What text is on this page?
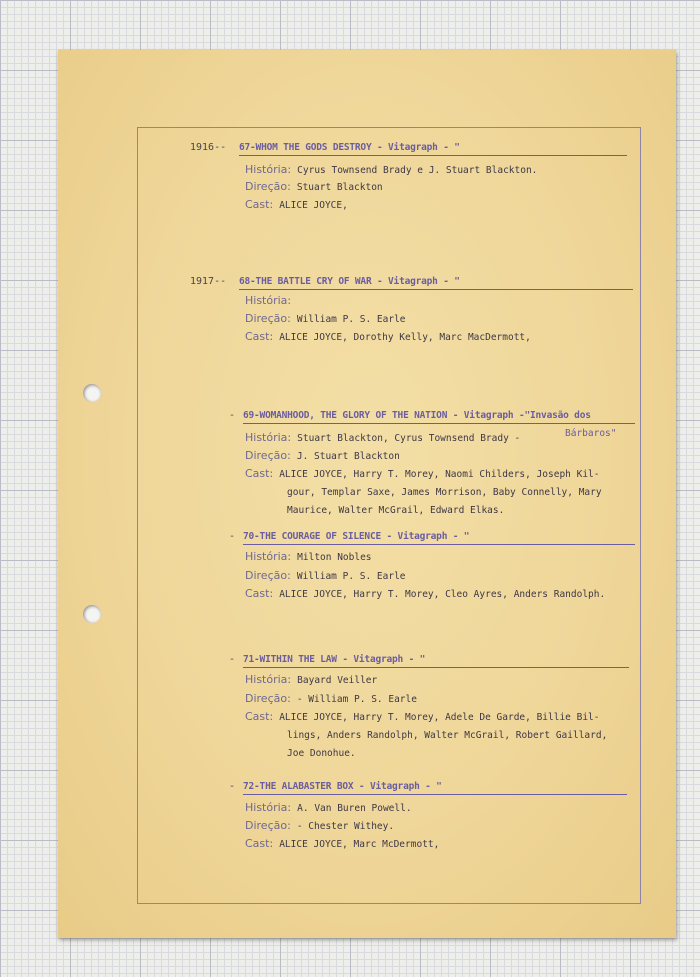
1916-- 67-WHOM THE GODS DESTROY - Vitagraph - "
História: Cyrus Townsend Brady e J. Stuart Blackton.
Direção: Stuart Blackton
Cast: ALICE JOYCE,
1917-- 68-THE BATTLE CRY OF WAR - Vitagraph - "
História:
Direção: William P. S. Earle
Cast: ALICE JOYCE, Dorothy Kelly, Marc MacDermott,
- 69-WOMANHOOD, THE GLORY OF THE NATION - Vitagraph -"Invasão dos
História: Stuart Blackton, Cyrus Townsend Brady -	Bárbaros"
Direção: J. Stuart Blackton
Cast: ALICE JOYCE, Harry T. Morey, Naomi Childers, Joseph Kil-
gour, Templar Saxe, James Morrison, Baby Connelly, Mary
Maurice, Walter McGrail, Edward Elkas.
- 70-THE COURAGE OF SILENCE - Vitagraph - "
História: Milton Nobles
Direção: William P. S. Earle
Cast: ALICE JOYCE, Harry T. Morey, Cleo Ayres, Anders Randolph.
- 71-WITHIN THE LAW - Vitagraph - "
História: Bayard Veiller
Direção: - William P. S. Earle
Cast: ALICE JOYCE, Harry T. Morey, Adele De Garde, Billie Bil-
lings, Anders Randolph, Walter McGrail, Robert Gaillard,
Joe Donohue.
- 72-THE ALABASTER BOX - Vitagraph - "
História: A. Van Buren Powell.
Direção: - Chester Withey.
Cast: ALICE JOYCE, Marc McDermott,
